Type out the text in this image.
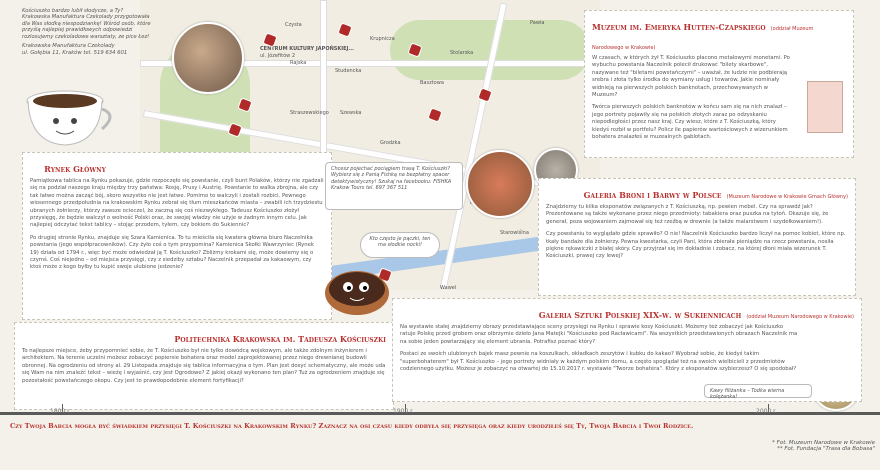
Czysta
Krupnicza
Stolarska
Rajska
Studencka
Basztowa
Pawia
Szewska
Grodzka
Starowiślna
Wawel
Straszewskiego
CENTRUM KULTURY JAPOŃSKIEJ...
ul. Józefitów 2

Kościuszko bardzo lubił słodycze, a Ty? Krakowska Manufaktura Czekolady przygotowała dla Was słodką niespodziankę! Wśród osób, które przyślą najlepiej prawidłowych odpowiedzi rozlosujemy czekoladowe warsztaty, ze pice Łez!

Krakowska Manufaktura Czekolady

ul. Gołębia 11, Kraków tel. 519 634 601

Muzeum im. Emeryka Hutten-Czapskiego (oddział Muzeum Narodowego w Krakowie)

W czasach, w których żył T. Kościuszko płacono metalowymi monetami. Po wybuchu powstania Naczelnik polecił drukować "bilety skarbowe", nazywane też "biletami powstańczymi" – uważał, że ludzie nie podbierają srebra i złota tylko środka do wymiany usług i towarów. Jakie nominały widnieją na pierwszych polskich banknotach, przechowywanych w Muzeum?

Twórca pierwszych polskich banknotów w końcu sam się na nich znalazł – jego portrety pojawiły się na polskich złotych zaraz po odzyskaniu niepodległości przez nasz kraj. Czy wiesz, które z T. Kościuszką, który kiedyś rozbił w portfelu? Policz ile papierów wartościowych z wizerunkiem bohatera znalazłeś w muzealnych gablotach.

Rynek Główny

Pamiątkowa tablica na Rynku pokazuje, gdzie rozpoczęło się powstanie, czyli bunt Polaków, którzy nie zgadzali się na podział naszego kraju między trzy państwa: Rosję, Prusy i Austrię. Powstanie to walka zbrojna, ale czy tak łatwo można zacząć bój, skoro wszystko nie jest łatwe. Pomimo to walczyli i zostali rozbici. Pewnego wiosennego przedpołudnia na krakowskim Rynku zebrał się tłum mieszkańców miasta – zwabili ich trzydziestu ubranych żołnierzy, którzy zawsze ocieczel, że zaczną się coś niezwykłego. Tadeusz Kościuszko złożył przysięgę, że będzie walczył o wolność Polski oraz, że swojej władzy nie użyje w żadnym innym celu. Jak najlepiej odczytać tekst tablicy – stojąc przodem, tyłem, czy bokiem do Sukiennic?

Po drugiej stronie Rynku, znajduje się Szara Kamienica. To tu mieściła się kwatera główna biuro Naczelnika powstania (jego współpracowników). Czy żyło coś o tym przypomina? Kamienica Skołki Wawrzyniec (Rynek 19) działa od 1794 r., więc być może odwiedzał ją T. Kościuszko? Zbliżmy krokami się, może dowiemy się o czymś. Coś niejedno – od miejsca przysięgi, czy z siedziby sztabu? Naczelnik przepadał za kakaowym, czy ktoś może z kogo byłby tu kupić swoje ulubione jedzenie?

Chcesz pojechać pociągiem trasą T. Kościuszki? Wybierz się z Panią Fishką na bezpłatny spacer detektywistyczny! Szukaj na facebooku: FISHKA Krakow Tours tel. 697 367 511
Kto często je pączki, ten ma słodkie nocki!
Galeria Broni i Barwy w Polsce (Muzeum Narodowe w Krakowie Gmach Główny)

Znajdziemy tu kilka eksponatów związanych z T. Kościuszką, np. pewien mebel. Czy na sprawdź jak? Prezentowane są także wykonane przez niego przedmioty: tabakiera oraz puszka na tytoń. Okazuje się, że generał, poza wojowaniem zajmował się też rzeźbą w drewnie (a także malarstwem i szydełkowaniem!).

Czy powstaniu to wyglądało gdzie sprawiło? O nie! Naczelnik Kościuszko bardzo liczył na pomoc kobiet, które np. tkały bandaże dla żołnierzy. Pewna kwestarka, czyli Pani, która zbierała pieniądze na rzecz powstania, nosiła piękne rękawiczki z białej skóry. Czy przyjrzał się im dokładnie i zobacz, na której dłoni miała wizerunek T. Kościuszki, prawej czy lewej?

Politechnika Krakowska im. Tadeusza Kościuszki

To najlepsze miejsce, żeby przypomnieć sobie, że T. Kościuszko był nie tylko dowódcą wojskowym, ale także zdolnym inżynierem i architektem. Na terenie uczelni możesz zobaczyć popiersie bohatera oraz model zaprojektowanej przez niego drewnianej budowli obronnej. Na ogrodzeniu od strony al. 29 Listopada znajduje się tablica informacyjna o tym. Plan jest dosyć schematyczny, ale może uda się Wam na nim znaleźć tekst – wieżę i wyjaśnić, czy jest Ogrodowe? Z jakiej okazji wykonano ten plan? Tuż za ogrodzeniem znajduje się pozostałość powstańczego okopu. Czy jest to prawdopodobnie element fortyfikacji?

Galeria Sztuki Polskiej XIX-w. w Sukiennicach (oddział Muzeum Narodowego w Krakowie)

Na wystawie stałej znajdziemy obrazy przedstawiające sceny przysięgi na Rynku i sprawie kosy Kościuszki. Możemy też zobaczyć jak Kościuszko ratuje Polskę przed grobem oraz olbrzymie dzieło Jana Matejki "Kościuszko pod Racławicami". Na wszystkich przedstawionych obrazach Naczelnik ma na sobie jeden powtarzający się element ubrania. Potrafisz poznać który?

Postaci ze swoich ulubionych bajek masz pewnie na koszulkach, okładkach zeszytów i kubku do kakao? Wyobraź sobie, że kiedyś takim "superbohaterem" był T. Kościuszko – jego portrety widniały w każdym polskim domu, a często spoglądał też na swoich wielbicieli z przedmiotów codziennego użytku. Możesz je zobaczyć na otwartej do 15.10.2017 r. wystawie "Tworze bohatera". Który z eksponatów szybierzesz? O się spodobał?

Kawy filiżanka – Todka wierna kolężanka!
1800 r.	1900 r.	2000 r.
Czy Twoja Babcia mogła być świadkiem przysięgi T. Kościuszki na Krakowskim Rynku? Zaznacz na osi czasu kiedy odbyła się przysięga oraz kiedy urodziłeś się Ty, Twoja Babcia i Twoi Rodzice.
* Fot. Muzeum Narodowe w Krakowie
** Fot. Fundacja "Trasa dla Bobasa"
